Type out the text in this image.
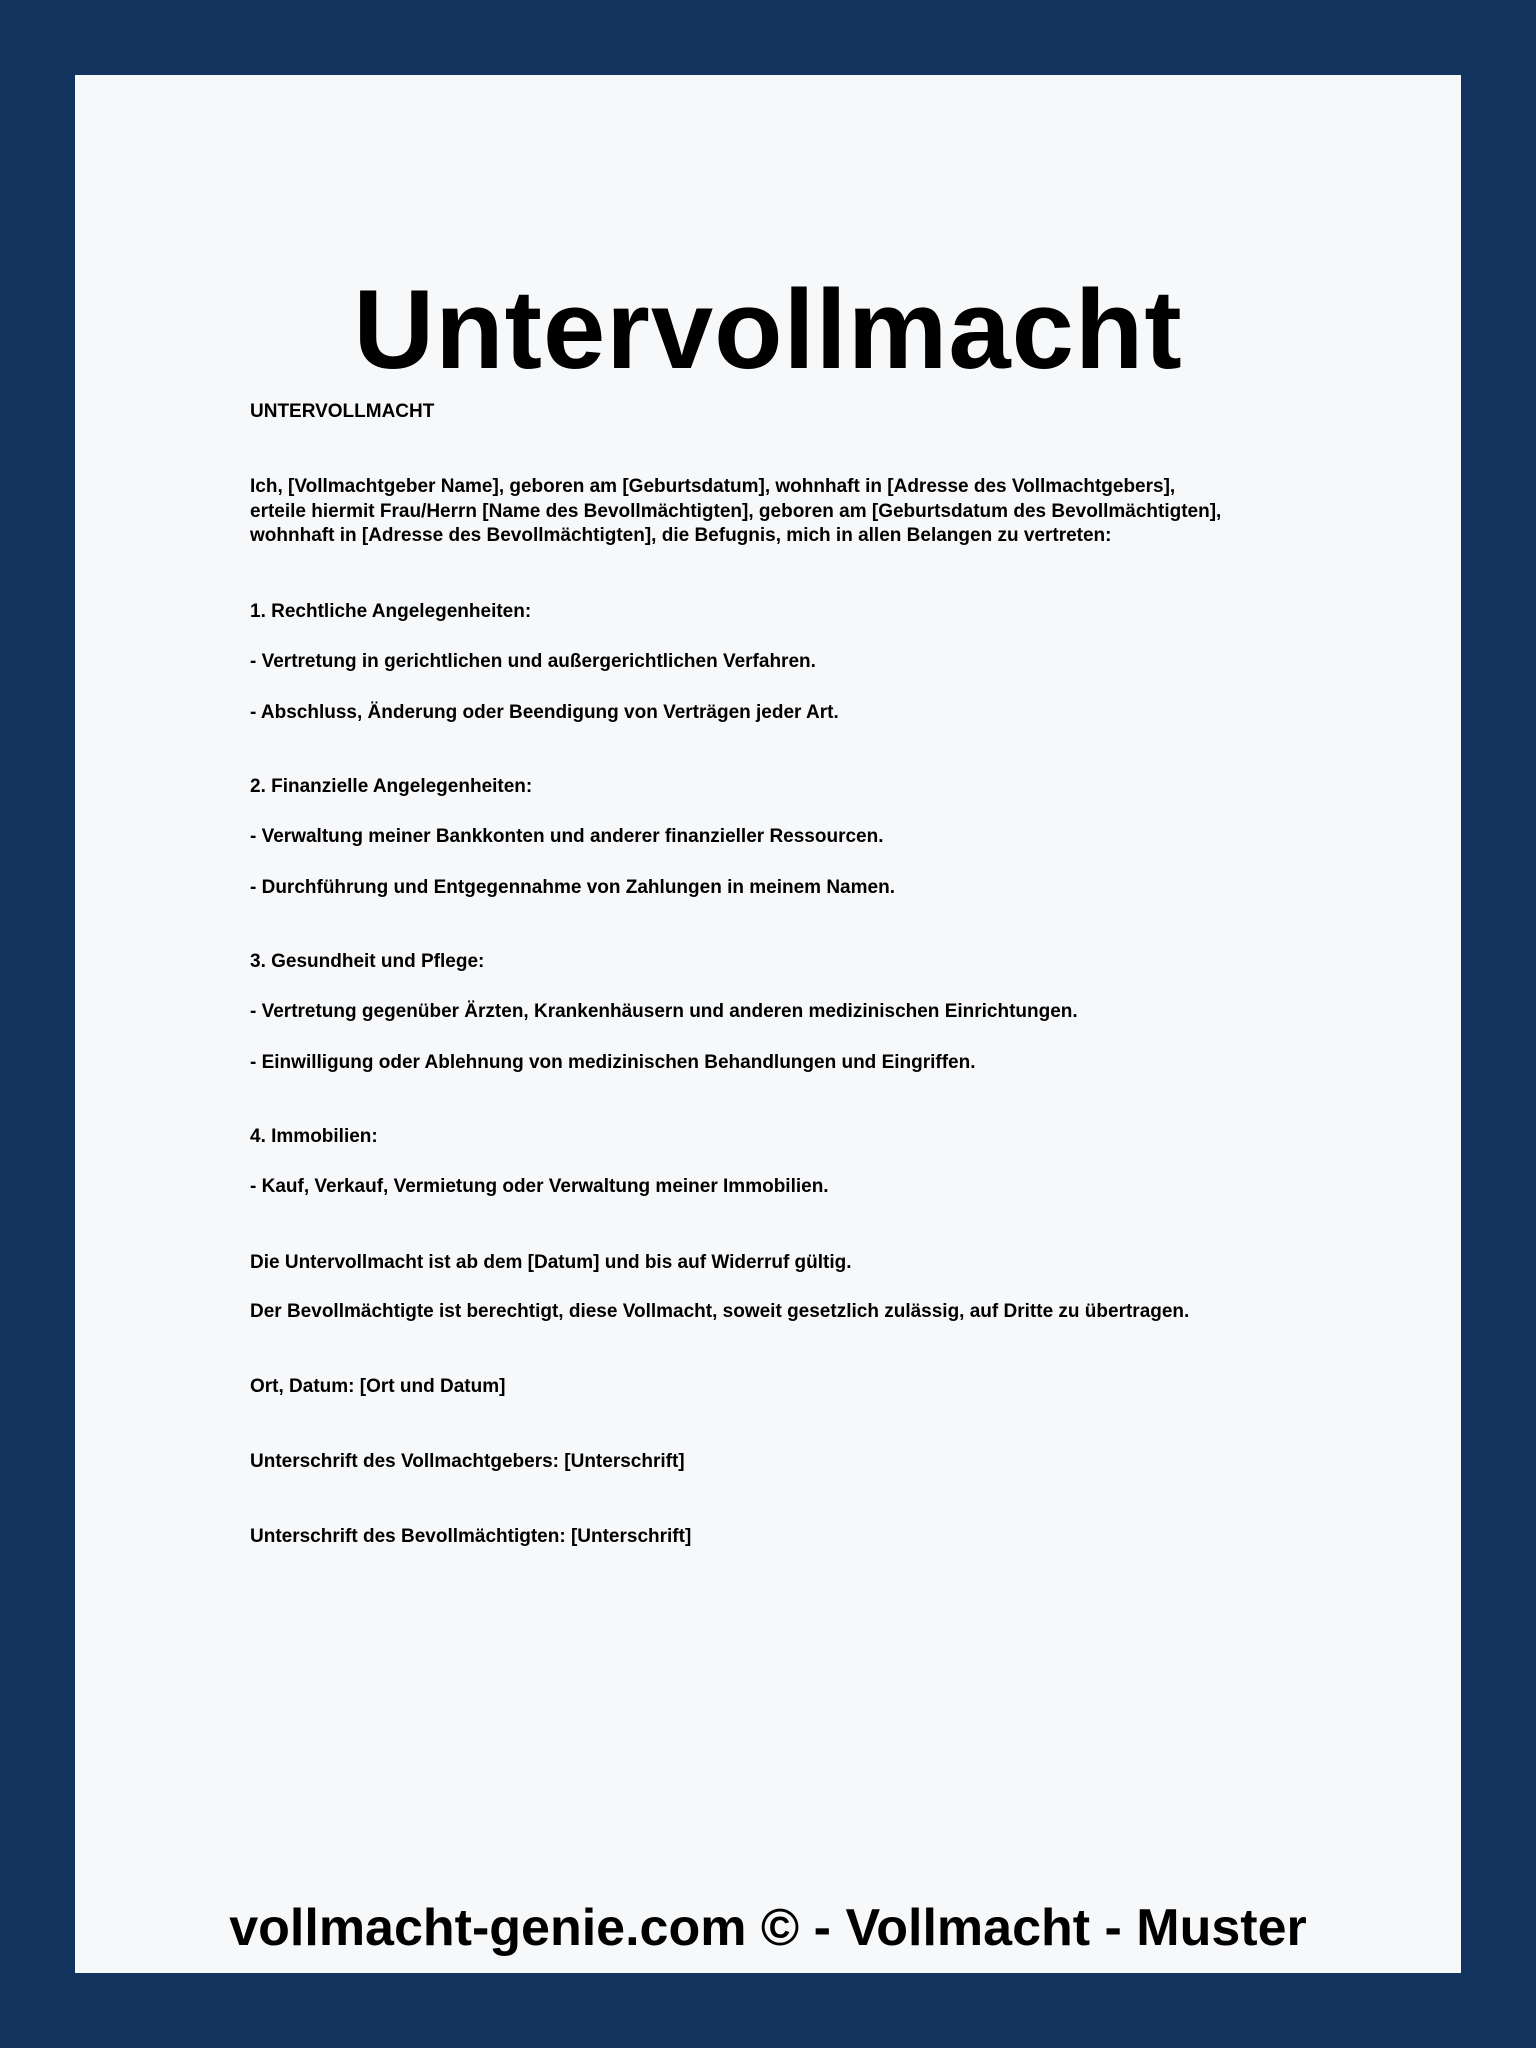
Untervollmacht
UNTERVOLLMACHT
Ich, [Vollmachtgeber Name], geboren am [Geburtsdatum], wohnhaft in [Adresse des Vollmachtgebers],
erteile hiermit Frau/Herrn [Name des Bevollmächtigten], geboren am [Geburtsdatum des Bevollmächtigten],
wohnhaft in [Adresse des Bevollmächtigten], die Befugnis, mich in allen Belangen zu vertreten:
1. Rechtliche Angelegenheiten:
- Vertretung in gerichtlichen und außergerichtlichen Verfahren.
- Abschluss, Änderung oder Beendigung von Verträgen jeder Art.
2. Finanzielle Angelegenheiten:
- Verwaltung meiner Bankkonten und anderer finanzieller Ressourcen.
- Durchführung und Entgegennahme von Zahlungen in meinem Namen.
3. Gesundheit und Pflege:
- Vertretung gegenüber Ärzten, Krankenhäusern und anderen medizinischen Einrichtungen.
- Einwilligung oder Ablehnung von medizinischen Behandlungen und Eingriffen.
4. Immobilien:
- Kauf, Verkauf, Vermietung oder Verwaltung meiner Immobilien.
Die Untervollmacht ist ab dem [Datum] und bis auf Widerruf gültig.
Der Bevollmächtigte ist berechtigt, diese Vollmacht, soweit gesetzlich zulässig, auf Dritte zu übertragen.
Ort, Datum: [Ort und Datum]
Unterschrift des Vollmachtgebers: [Unterschrift]
Unterschrift des Bevollmächtigten: [Unterschrift]
vollmacht-genie.com © - Vollmacht - Muster
